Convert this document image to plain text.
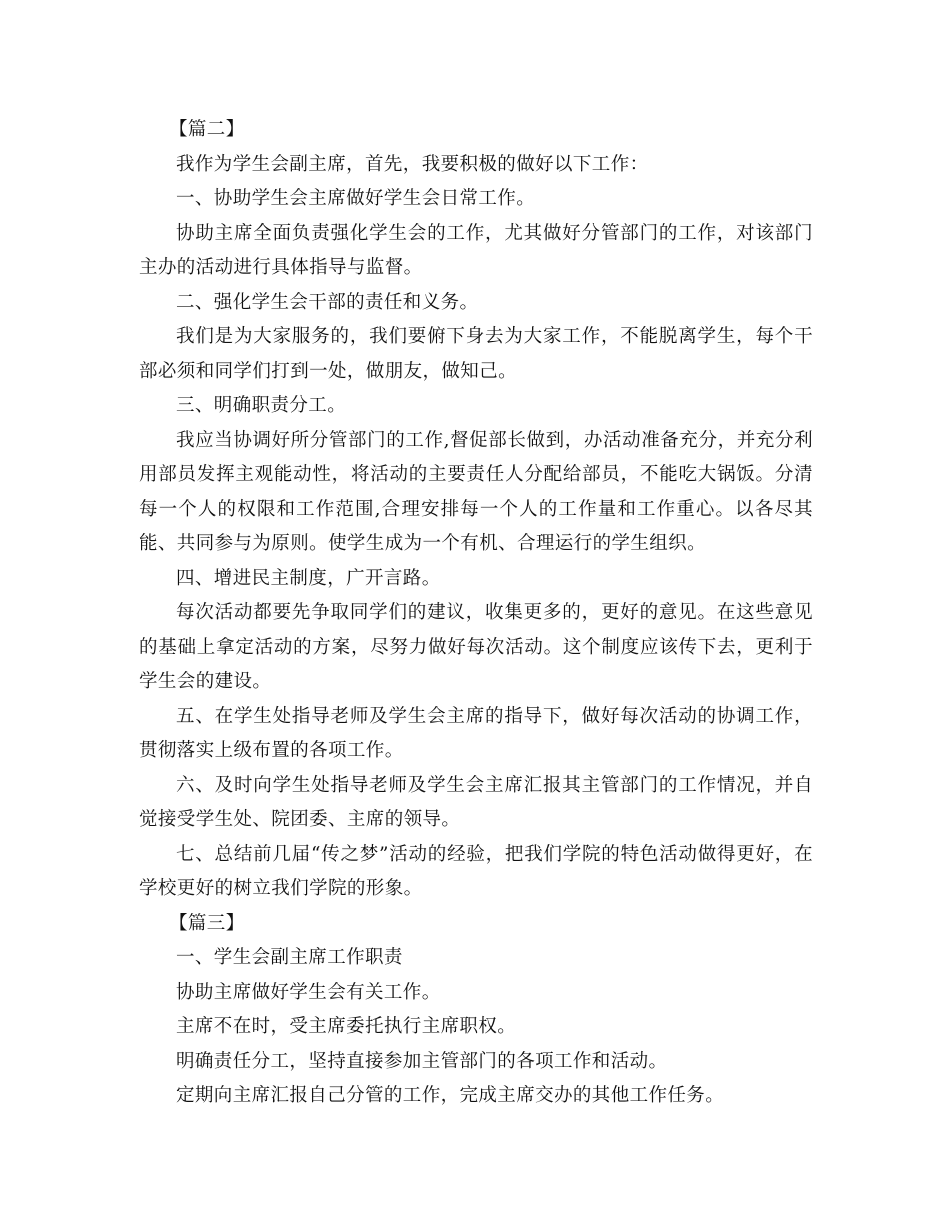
【篇二】

我作为学生会副主席，首先，我要积极的做好以下工作：

一、协助学生会主席做好学生会日常工作。

协助主席全面负责强化学生会的工作，尤其做好分管部门的工作，对该部门主办的活动进行具体指导与监督。

二、强化学生会干部的责任和义务。

我们是为大家服务的，我们要俯下身去为大家工作，不能脱离学生，每个干部必须和同学们打到一处，做朋友，做知己。

三、明确职责分工。

我应当协调好所分管部门的工作,督促部长做到，办活动准备充分，并充分利用部员发挥主观能动性，将活动的主要责任人分配给部员，不能吃大锅饭。分清每一个人的权限和工作范围,合理安排每一个人的工作量和工作重心。以各尽其能、共同参与为原则。使学生成为一个有机、合理运行的学生组织。

四、增进民主制度，广开言路。

每次活动都要先争取同学们的建议，收集更多的，更好的意见。在这些意见的基础上拿定活动的方案，尽努力做好每次活动。这个制度应该传下去，更利于学生会的建设。

五、在学生处指导老师及学生会主席的指导下，做好每次活动的协调工作，贯彻落实上级布置的各项工作。

六、及时向学生处指导老师及学生会主席汇报其主管部门的工作情况，并自觉接受学生处、院团委、主席的领导。

七、总结前几届“传之梦”活动的经验，把我们学院的特色活动做得更好，在学校更好的树立我们学院的形象。

【篇三】

一、学生会副主席工作职责

协助主席做好学生会有关工作。

主席不在时，受主席委托执行主席职权。

明确责任分工，坚持直接参加主管部门的各项工作和活动。

定期向主席汇报自己分管的工作，完成主席交办的其他工作任务。
